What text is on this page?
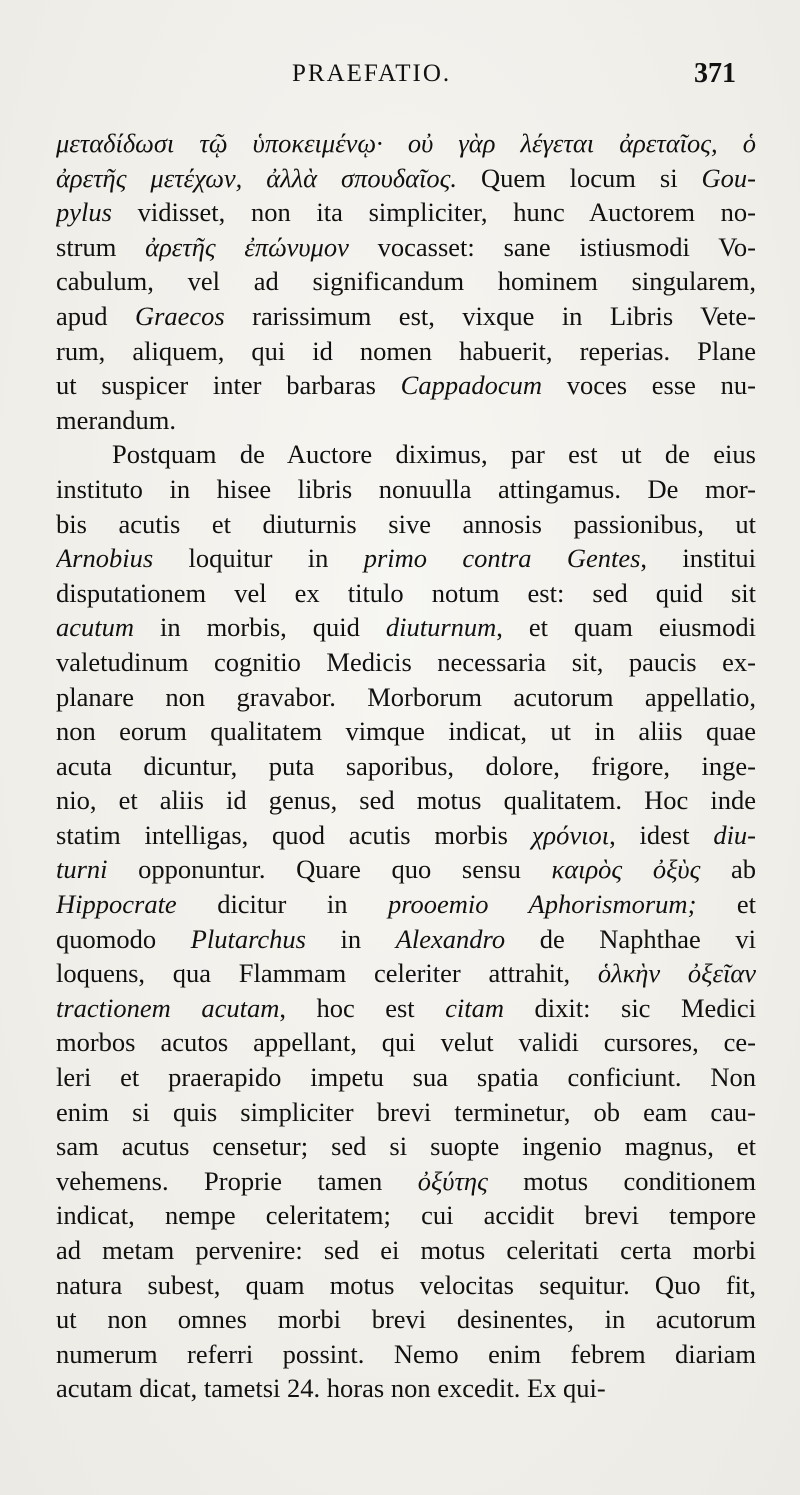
PRAEFATIO.	371
μεταδίδωσι τῷ ὑποκειμένῳ· οὐ γὰρ λέγεται ἀρεταῖος, ὁ
ἀρετῆς μετέχων, ἀλλὰ σπουδαῖος. Quem locum si Gou-
pylus vidisset, non ita simpliciter, hunc Auctorem no-
strum ἀρετῆς ἐπώνυμον vocasset: sane istiusmodi Vo-
cabulum, vel ad significandum hominem singularem,
apud Graecos rarissimum est, vixque in Libris Vete-
rum, aliquem, qui id nomen habuerit, reperias. Plane
ut suspicer inter barbaras Cappadocum voces esse nu-
merandum.
Postquam de Auctore diximus, par est ut de eius
instituto in hisee libris nonuulla attingamus. De mor-
bis acutis et diuturnis sive annosis passionibus, ut
Arnobius loquitur in primo contra Gentes, institui
disputationem vel ex titulo notum est: sed quid sit
acutum in morbis, quid diuturnum, et quam eiusmodi
valetudinum cognitio Medicis necessaria sit, paucis ex-
planare non gravabor. Morborum acutorum appellatio,
non eorum qualitatem vimque indicat, ut in aliis quae
acuta dicuntur, puta saporibus, dolore, frigore, inge-
nio, et aliis id genus, sed motus qualitatem. Hoc inde
statim intelligas, quod acutis morbis χρόνιοι, idest diu-
turni opponuntur. Quare quo sensu καιρὸς ὀξὺς ab
Hippocrate dicitur in prooemio Aphorismorum; et
quomodo Plutarchus in Alexandro de Naphthae vi
loquens, qua Flammam celeriter attrahit, ὁλκὴν ὀξεῖαν
tractionem acutam, hoc est citam dixit: sic Medici
morbos acutos appellant, qui velut validi cursores, ce-
leri et praerapido impetu sua spatia conficiunt. Non
enim si quis simpliciter brevi terminetur, ob eam cau-
sam acutus censetur; sed si suopte ingenio magnus, et
vehemens. Proprie tamen ὀξύτης motus conditionem
indicat, nempe celeritatem; cui accidit brevi tempore
ad metam pervenire: sed ei motus celeritati certa morbi
natura subest, quam motus velocitas sequitur. Quo fit,
ut non omnes morbi brevi desinentes, in acutorum
numerum referri possint. Nemo enim febrem diariam
acutam dicat, tametsi 24. horas non excedit. Ex qui-
